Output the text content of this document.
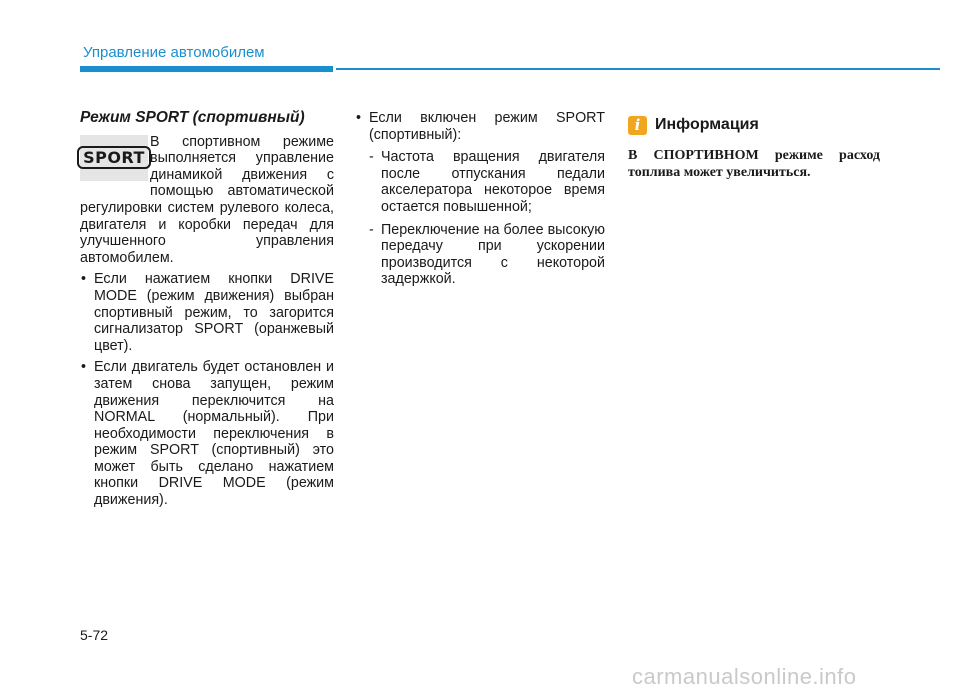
Управление автомобилем
Режим SPORT (спортивный)
SPORT

В спортивном режиме выполняется управление динамикой движения с помощью автоматической регулировки систем рулевого колеса, двигателя и коробки передач для улучшенного управления автомобилем.

• Если нажатием кнопки DRIVE MODE (режим движения) выбран спортивный режим, то загорится сигнализатор SPORT (оранжевый цвет).
• Если двигатель будет остановлен и затем снова запущен, режим движения переключится на NORMAL (нормальный). При необходимости переключения в режим SPORT (спортивный) это может быть сделано нажатием кнопки DRIVE MODE (режим движения).
• Если включен режим SPORT (спортивный):
- Частота вращения двигателя после отпускания педали акселератора некоторое время остается повышенной;
- Переключение на более высокую передачу при ускорении производится с некоторой задержкой.
i Информация

В СПОРТИВНОМ режиме расход топлива может увеличиться.

5-72
carmanualsonline.info
